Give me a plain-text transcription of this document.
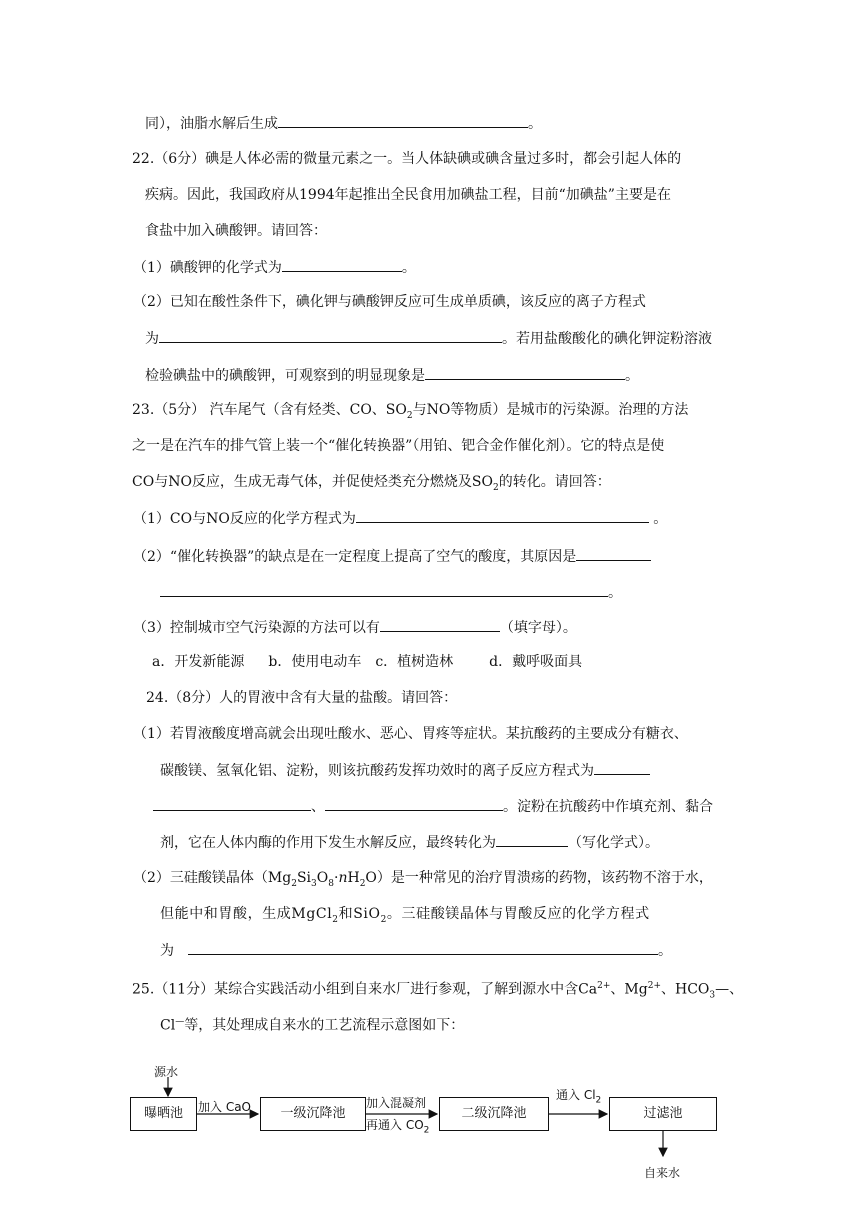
同），油脂水解后生成	。
22.（6分）碘是人体必需的微量元素之一。当人体缺碘或碘含量过多时，都会引起人体的
疾病。因此，我国政府从1994年起推出全民食用加碘盐工程，目前“加碘盐”主要是在
食盐中加入碘酸钾。请回答：
（1）碘酸钾的化学式为	。
（2）已知在酸性条件下，碘化钾与碘酸钾反应可生成单质碘，该反应的离子方程式
为	。若用盐酸酸化的碘化钾淀粉溶液
检验碘盐中的碘酸钾，可观察到的明显现象是	。
23.（5分） 汽车尾气（含有烃类、CO、$SO_2$与NO等物质）是城市的污染源。治理的方法
之一是在汽车的排气管上装一个“催化转换器”（用铂、钯合金作催化剂）。它的特点是使
CO与NO反应，生成无毒气体，并促使烃类充分燃烧及$SO_2$的转化。请回答：
（1）CO与NO反应的化学方程式为	。
（2）“催化转换器”的缺点是在一定程度上提高了空气的酸度，其原因是
。
（3）控制城市空气污染源的方法可以有	（填字母）。
a．开发新能源 b．使用电动车 c．植树造林	d．戴呼吸面具
24.（8分）人的胃液中含有大量的盐酸。请回答：
（1）若胃液酸度增高就会出现吐酸水、恶心、胃疼等症状。某抗酸药的主要成分有糖衣、
碳酸镁、氢氧化铝、淀粉，则该抗酸药发挥功效时的离子反应方程式为
、	。淀粉在抗酸药中作填充剂、黏合
剂，它在人体内酶的作用下发生水解反应，最终转化为	（写化学式）。
（2）三硅酸镁晶体$(Mg_2Si_3O_8\cdot nH_2O)$是一种常见的治疗胃溃疡的药物，该药物不溶于水，
但能中和胃酸，生成MgCl$_2$和SiO$_2$。三硅酸镁晶体与胃酸反应的化学方程式
为	。
25.（11分）某综合实践活动小组到自来水厂进行参观，了解到源水中含$Ca^{2+}$、$Mg^{2+}$、$HCO_3—$、
Cl—等，其处理成自来水的工艺流程示意图如下：
源水
曝晒池	一级沉降池	二级沉降池	过滤池
加入 CaO	加入混凝剂
再通入 $CO_2$
通入 $Cl_2$
自来水
